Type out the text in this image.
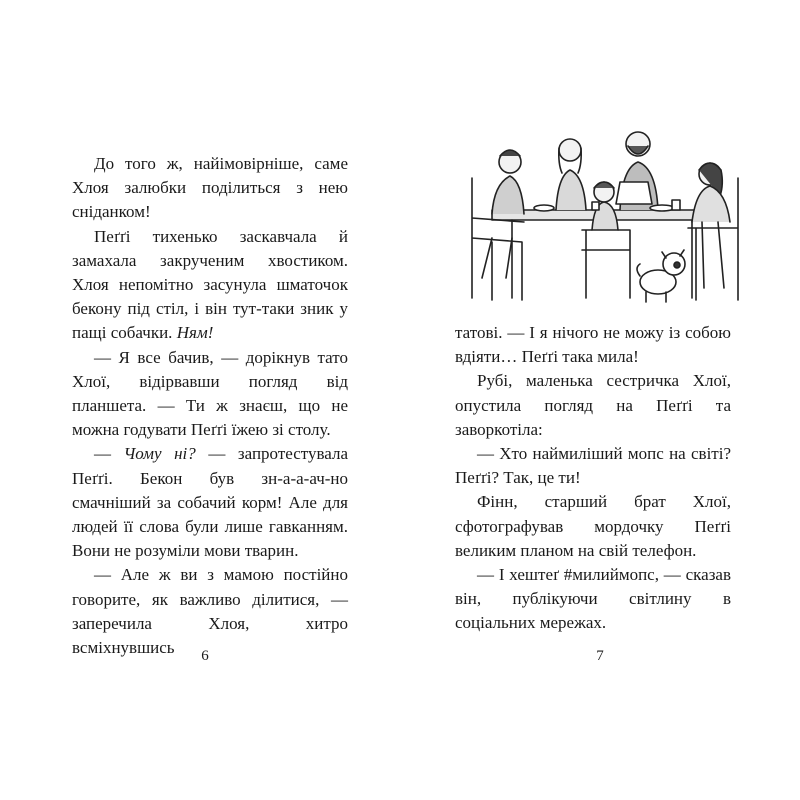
До того ж, найімовірніше, саме Хлоя залюбки поділиться з нею сніданком!

Пеґґі тихенько заскавчала й замахала закрученим хвостиком. Хлоя непомітно засунула шматочок бекону під стіл, і він тут-таки зник у пащі собачки. Ням!

— Я все бачив, — дорікнув тато Хлої, відірвавши погляд від планшета. — Ти ж знаєш, що не можна годувати Пеґґі їжею зі столу.

— Чому ні? — запротестувала Пеґґі. Бекон був зн-а-а-ач-но смачніший за собачий корм! Але для людей її слова були лише гавканням. Вони не розуміли мови тварин.

— Але ж ви з мамою постійно говорите, як важливо ділитися, — заперечила Хлоя, хитро всміхнувшись	6	7

татові. — І я нічого не можу із собою вдіяти… Пеґґі така мила!

Рубі, маленька сестричка Хлої, опустила погляд на Пеґґі та заворкотіла:

— Хто наймиліший мопс на світі? Пеґґі? Так, це ти!

Фінн, старший брат Хлої, сфотографував мордочку Пеґґі великим планом на свій телефон.

— І хештеґ #милиймопс, — сказав він, публікуючи світлину в соціальних мережах.
